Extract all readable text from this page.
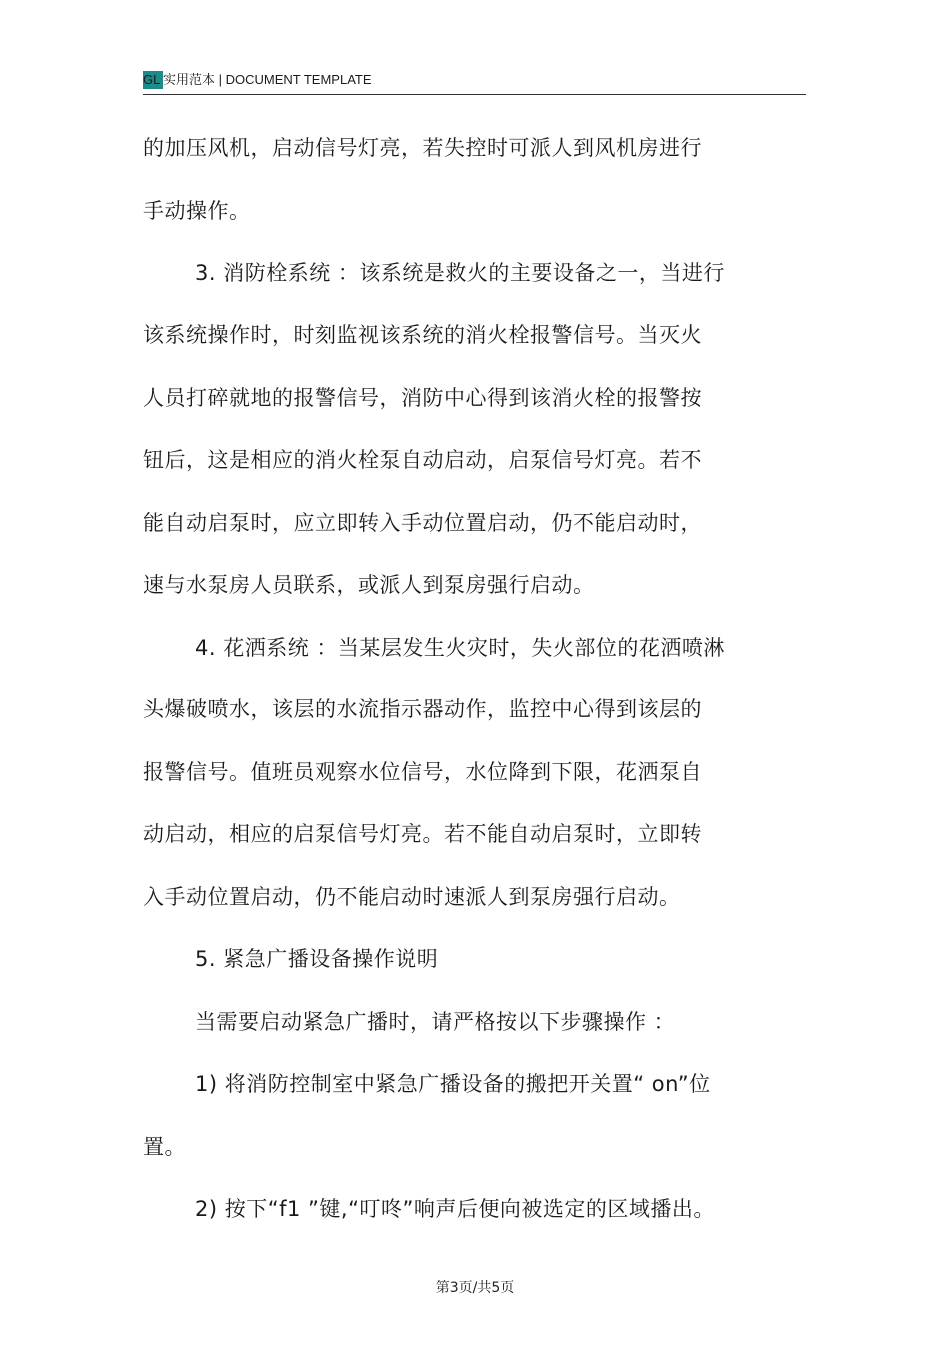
GL 实用范本 | DOCUMENT TEMPLATE
的加压风机，启动信号灯亮，若失控时可派人到风机房进行
手动操作。
3. 消防栓系统 ：该系统是救火的主要设备之一，当进行
该系统操作时，时刻监视该系统的消火栓报警信号。当灭火
人员打碎就地的报警信号，消防中心得到该消火栓的报警按
钮后，这是相应的消火栓泵自动启动，启泵信号灯亮。若不
能自动启泵时，应立即转入手动位置启动，仍不能启动时，
速与水泵房人员联系，或派人到泵房强行启动。
4. 花洒系统 ：当某层发生火灾时，失火部位的花洒喷淋
头爆破喷水，该层的水流指示器动作，监控中心得到该层的
报警信号。值班员观察水位信号，水位降到下限，花洒泵自
动启动，相应的启泵信号灯亮。若不能自动启泵时，立即转
入手动位置启动，仍不能启动时速派人到泵房强行启动。
5. 紧急广播设备操作说明
当需要启动紧急广播时，请严格按以下步骤操作 ：
1) 将消防控制室中紧急广播设备的搬把开关置“ on”位
置。
2) 按下“f1 ”键,“叮咚”响声后便向被选定的区域播出。
第3页/共5页
